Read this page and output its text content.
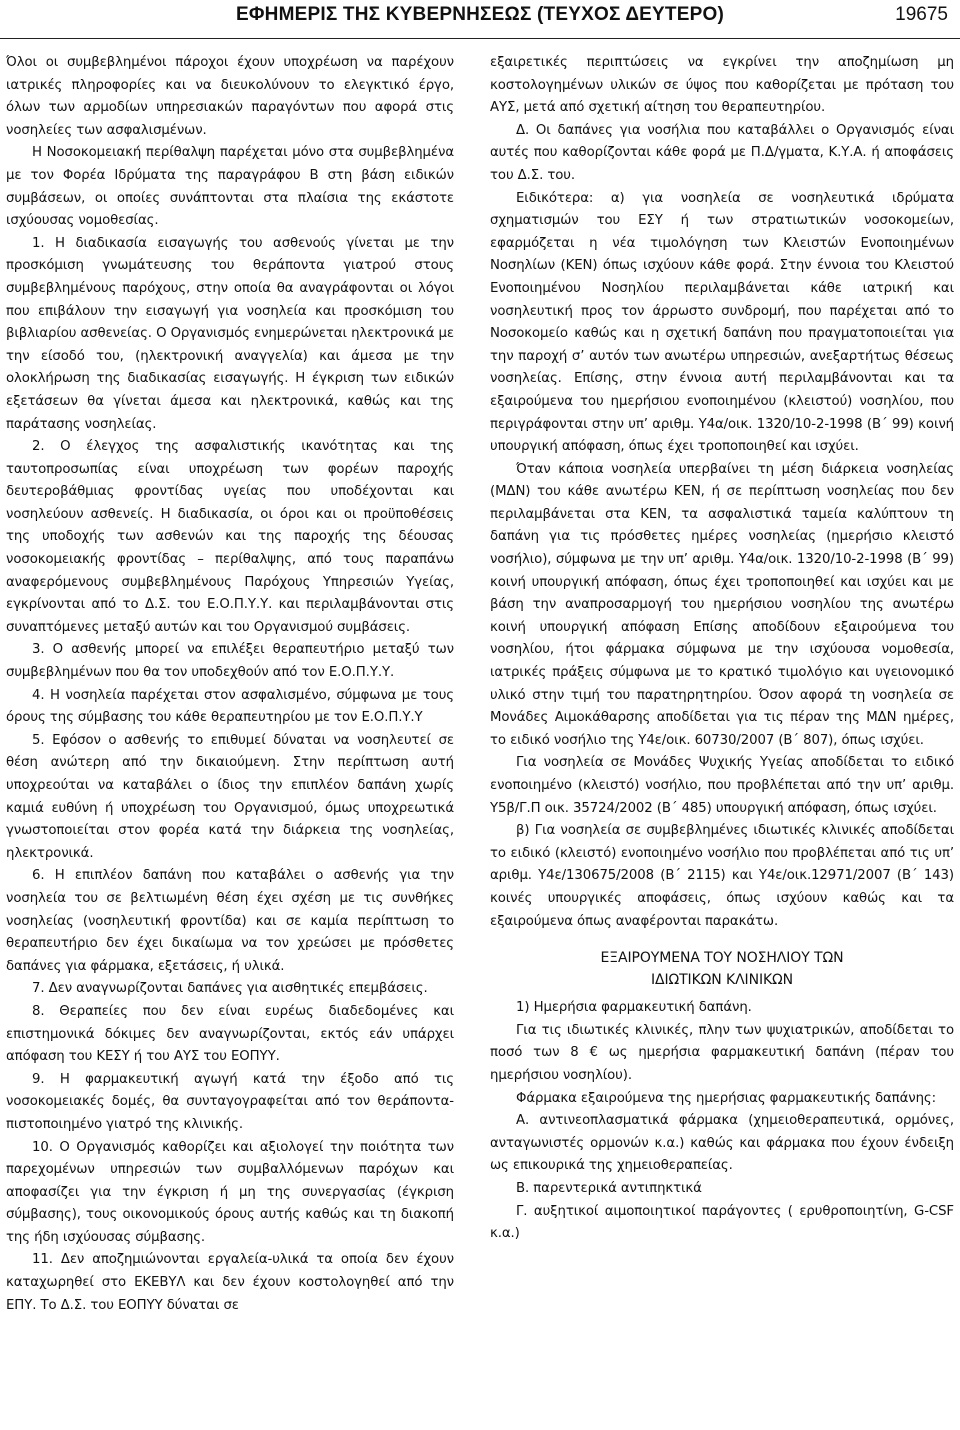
ΕΦΗΜΕΡΙΣ ΤΗΣ ΚΥΒΕΡΝΗΣΕΩΣ (ΤΕΥΧΟΣ ΔΕΥΤΕΡΟ)	19675

Όλοι οι συμβεβλημένοι πάροχοι έχουν υποχρέωση να παρέχουν ιατρικές πληροφορίες και να διευκολύνουν το ελεγκτικό έργο, όλων των αρμοδίων υπηρεσιακών παραγόντων που αφορά στις νοσηλείες των ασφαλισμένων.

Η Νοσοκομειακή περίθαλψη παρέχεται μόνο στα συμβεβλημένα με τον Φορέα Ιδρύματα της παραγράφου Β στη βάση ειδικών συμβάσεων, οι οποίες συνάπτονται στα πλαίσια της εκάστοτε ισχύουσας νομοθεσίας.

1. Η διαδικασία εισαγωγής του ασθενούς γίνεται με την προσκόμιση γνωμάτευσης του θεράποντα γιατρού στους συμβεβλημένους παρόχους, στην οποία θα αναγράφονται οι λόγοι που επιβάλουν την εισαγωγή για νοσηλεία και προσκόμιση του βιβλιαρίου ασθενείας. Ο Οργανισμός ενημερώνεται ηλεκτρονικά με την είσοδό του, (ηλεκτρονική αναγγελία) και άμεσα με την ολοκλήρωση της διαδικασίας εισαγωγής. Η έγκριση των ειδικών εξετάσεων θα γίνεται άμεσα και ηλεκτρονικά, καθώς και της παράτασης νοσηλείας.

2. Ο έλεγχος της ασφαλιστικής ικανότητας και της ταυτοπροσωπίας είναι υποχρέωση των φορέων παροχής δευτεροβάθμιας φροντίδας υγείας που υποδέχονται και νοσηλεύουν ασθενείς. Η διαδικασία, οι όροι και οι προϋποθέσεις της υποδοχής των ασθενών και της παροχής της δέουσας νοσοκομειακής φροντίδας – περίθαλψης, από τους παραπάνω αναφερόμενους συμβεβλημένους Παρόχους Υπηρεσιών Υγείας, εγκρίνονται από το Δ.Σ. του Ε.Ο.Π.Υ.Υ. και περιλαμβάνονται στις συναπτόμενες μεταξύ αυτών και του Οργανισμού συμβάσεις.

3. Ο ασθενής μπορεί να επιλέξει θεραπευτήριο μεταξύ των συμβεβλημένων που θα τον υποδεχθούν από τον Ε.Ο.Π.Υ.Υ.

4. Η νοσηλεία παρέχεται στον ασφαλισμένο, σύμφωνα με τους όρους της σύμβασης του κάθε θεραπευτηρίου με τον Ε.Ο.Π.Υ.Υ

5. Εφόσον ο ασθενής το επιθυμεί δύναται να νοσηλευτεί σε θέση ανώτερη από την δικαιούμενη. Στην περίπτωση αυτή υποχρεούται να καταβάλει ο ίδιος την επιπλέον δαπάνη χωρίς καμιά ευθύνη ή υποχρέωση του Οργανισμού, όμως υποχρεωτικά γνωστοποιείται στον φορέα κατά την διάρκεια της νοσηλείας, ηλεκτρονικά.

6. Η επιπλέον δαπάνη που καταβάλει ο ασθενής για την νοσηλεία του σε βελτιωμένη θέση έχει σχέση με τις συνθήκες νοσηλείας (νοσηλευτική φροντίδα) και σε καμία περίπτωση το θεραπευτήριο δεν έχει δικαίωμα να τον χρεώσει με πρόσθετες δαπάνες για φάρμακα, εξετάσεις, ή υλικά.

7. Δεν αναγνωρίζονται δαπάνες για αισθητικές επεμβάσεις.

8. Θεραπείες που δεν είναι ευρέως διαδεδομένες και επιστημονικά δόκιμες δεν αναγνωρίζονται, εκτός εάν υπάρχει απόφαση του ΚΕΣΥ ή του ΑΥΣ του ΕΟΠΥΥ.

9. Η φαρμακευτική αγωγή κατά την έξοδο από τις νοσοκομειακές δομές, θα συνταγογραφείται από τον θεράποντα-πιστοποιημένο γιατρό της κλινικής.

10. Ο Οργανισμός καθορίζει και αξιολογεί την ποιότητα των παρεχομένων υπηρεσιών των συμβαλλόμενων παρόχων και αποφασίζει για την έγκριση ή μη της συνεργασίας (έγκριση σύμβασης), τους οικονομικούς όρους αυτής καθώς και τη διακοπή της ήδη ισχύουσας σύμβασης.

11. Δεν αποζημιώνονται εργαλεία-υλικά τα οποία δεν έχουν καταχωρηθεί στο ΕΚΕΒΥΛ και δεν έχουν κοστολογηθεί από την ΕΠΥ. Το Δ.Σ. του ΕΟΠΥΥ δύναται σε

εξαιρετικές περιπτώσεις να εγκρίνει την αποζημίωση μη κοστολογημένων υλικών σε ύψος που καθορίζεται με πρόταση του ΑΥΣ, μετά από σχετική αίτηση του θεραπευτηρίου.

Δ. Οι δαπάνες για νοσήλια που καταβάλλει ο Οργανισμός είναι αυτές που καθορίζονται κάθε φορά με Π.Δ/γματα, Κ.Υ.Α. ή αποφάσεις του Δ.Σ. του.

Ειδικότερα: α) για νοσηλεία σε νοσηλευτικά ιδρύματα σχηματισμών του ΕΣΥ ή των στρατιωτικών νοσοκομείων, εφαρμόζεται η νέα τιμολόγηση των Κλειστών Ενοποιημένων Νοσηλίων (ΚΕΝ) όπως ισχύουν κάθε φορά. Στην έννοια του Κλειστού Ενοποιημένου Νοσηλίου περιλαμβάνεται κάθε ιατρική και νοσηλευτική προς τον άρρωστο συνδρομή, που παρέχεται από το Νοσοκομείο καθώς και η σχετική δαπάνη που πραγματοποιείται για την παροχή σ’ αυτόν των ανωτέρω υπηρεσιών, ανεξαρτήτως θέσεως νοσηλείας. Επίσης, στην έννοια αυτή περιλαμβάνονται και τα εξαιρούμενα του ημερήσιου ενοποιημένου (κλειστού) νοσηλίου, που περιγράφονται στην υπ’ αριθμ. Υ4α/οικ. 1320/10-2-1998 (Β΄ 99) κοινή υπουργική απόφαση, όπως έχει τροποποιηθεί και ισχύει.

Όταν κάποια νοσηλεία υπερβαίνει τη μέση διάρκεια νοσηλείας (ΜΔΝ) του κάθε ανωτέρω ΚΕΝ, ή σε περίπτωση νοσηλείας που δεν περιλαμβάνεται στα ΚΕΝ, τα ασφαλιστικά ταμεία καλύπτουν τη δαπάνη για τις πρόσθετες ημέρες νοσηλείας (ημερήσιο κλειστό νοσήλιο), σύμφωνα με την υπ’ αριθμ. Υ4α/οικ. 1320/10-2-1998 (Β΄ 99) κοινή υπουργική απόφαση, όπως έχει τροποποιηθεί και ισχύει και με βάση την αναπροσαρμογή του ημερήσιου νοσηλίου της ανωτέρω κοινή υπουργική απόφαση Επίσης αποδίδουν εξαιρούμενα του νοσηλίου, ήτοι φάρμακα σύμφωνα με την ισχύουσα νομοθεσία, ιατρικές πράξεις σύμφωνα με το κρατικό τιμολόγιο και υγειονομικό υλικό στην τιμή του παρατηρητηρίου. Όσον αφορά τη νοσηλεία σε Μονάδες Αιμοκάθαρσης αποδίδεται για τις πέραν της ΜΔΝ ημέρες, το ειδικό νοσήλιο της Υ4ε/οικ. 60730/2007 (Β΄ 807), όπως ισχύει.

Για νοσηλεία σε Μονάδες Ψυχικής Υγείας αποδίδεται το ειδικό ενοποιημένο (κλειστό) νοσήλιο, που προβλέπεται από την υπ’ αριθμ. Υ5β/Γ.Π οικ. 35724/2002 (Β΄ 485) υπουργική απόφαση, όπως ισχύει.

β) Για νοσηλεία σε συμβεβλημένες ιδιωτικές κλινικές αποδίδεται το ειδικό (κλειστό) ενοποιημένο νοσήλιο που προβλέπεται από τις υπ’ αριθμ. Υ4ε/130675/2008 (Β΄ 2115) και Υ4ε/οικ.12971/2007 (Β΄ 143) κοινές υπουργικές αποφάσεις, όπως ισχύουν καθώς και τα εξαιρούμενα όπως αναφέρονται παρακάτω.

ΕΞΑΙΡΟΥΜΕΝΑ ΤΟΥ ΝΟΣΗΛΙΟΥ ΤΩΝ
ΙΔΙΩΤΙΚΩΝ ΚΛΙΝΙΚΩΝ

1) Ημερήσια φαρμακευτική δαπάνη.

Για τις ιδιωτικές κλινικές, πλην των ψυχιατρικών, αποδίδεται το ποσό των 8 € ως ημερήσια φαρμακευτική δαπάνη (πέραν του ημερήσιου νοσηλίου).

Φάρμακα εξαιρούμενα της ημερήσιας φαρμακευτικής δαπάνης:

Α. αντινεοπλασματικά φάρμακα (χημειοθεραπευτικά, ορμόνες, ανταγωνιστές ορμονών κ.α.) καθώς και φάρμακα που έχουν ένδειξη ως επικουρικά της χημειοθεραπείας.

Β. παρεντερικά αντιπηκτικά

Γ. αυξητικοί αιμοποιητικοί παράγοντες ( ερυθροποιητίνη, G-CSF κ.α.)
